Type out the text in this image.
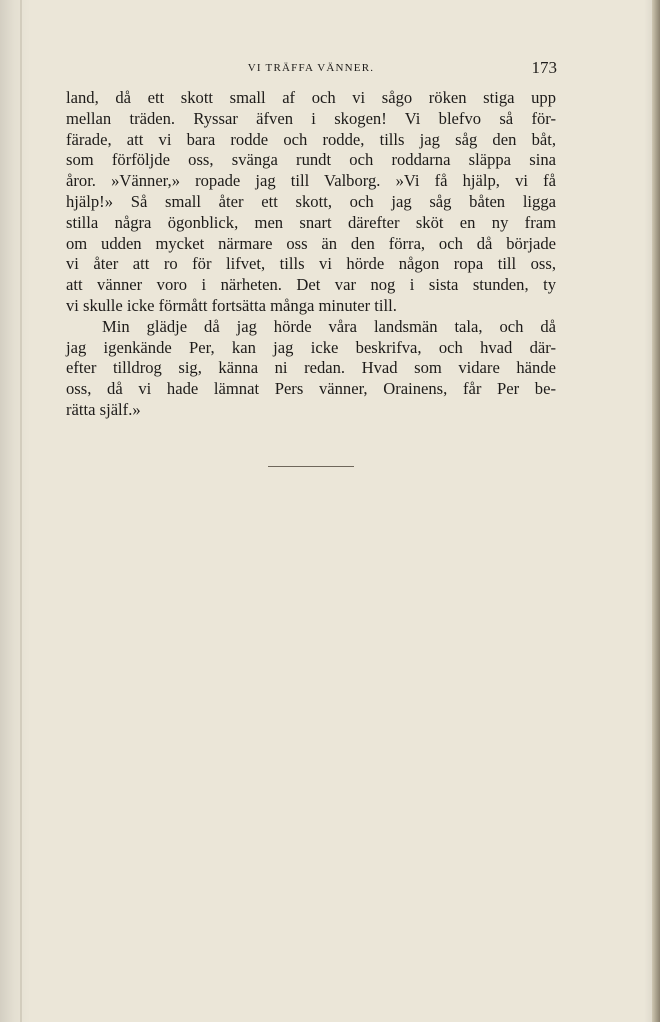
VI TRÄFFA VÄNNER.	173
land, då ett skott small af och vi sågo röken stiga upp
mellan träden. Ryssar äfven i skogen! Vi blefvo så för-
färade, att vi bara rodde och rodde, tills jag såg den båt,
som förföljde oss, svänga rundt och roddarna släppa sina
åror. »Vänner,» ropade jag till Valborg. »Vi få hjälp, vi få
hjälp!» Så small åter ett skott, och jag såg båten ligga
stilla några ögonblick, men snart därefter sköt en ny fram
om udden mycket närmare oss än den förra, och då började
vi åter att ro för lifvet, tills vi hörde någon ropa till oss,
att vänner voro i närheten. Det var nog i sista stunden, ty
vi skulle icke förmått fortsätta många minuter till.
Min glädje då jag hörde våra landsmän tala, och då
jag igenkände Per, kan jag icke beskrifva, och hvad där-
efter tilldrog sig, känna ni redan. Hvad som vidare hände
oss, då vi hade lämnat Pers vänner, Orainens, får Per be-
rätta själf.»
